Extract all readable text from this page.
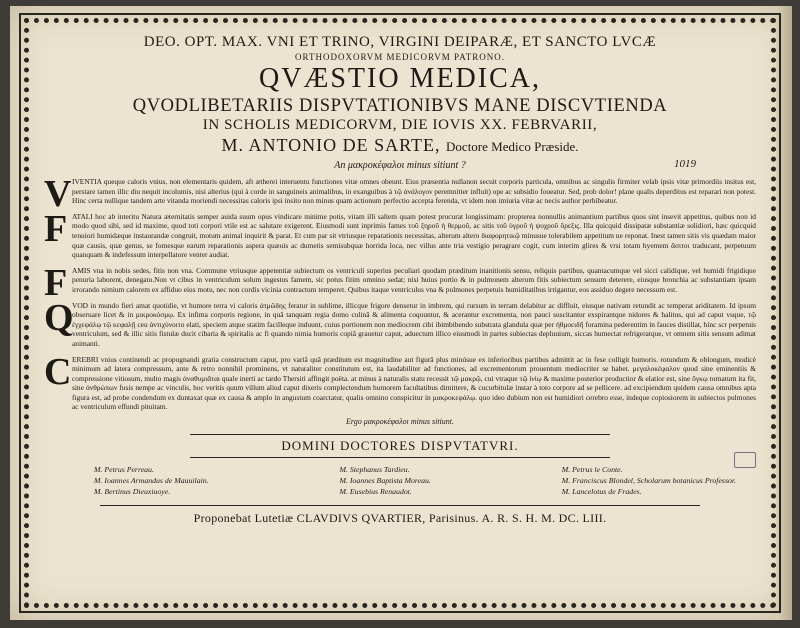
DEO. OPT. MAX. VNI ET TRINO, VIRGINI DEIPARÆ, ET SANCTO LVCÆ
ORTHODOXORVM MEDICORVM PATRONO.
QVÆSTIO MEDICA,
QVODLIBETARIIS DISPVTATIONIBVS MANE DISCVTIENDA
IN SCHOLIS MEDICORVM, DIE IOVIS XX. FEBRVARII,
M. ANTONIO DE SARTE, Doctore Medico Præside.
An μακροκέφαλοι minus sitiunt ?	1019
V IVENTIA queque caloris vnius, non elementaris quidem, aft ætherei interuentu functiones vitæ omnes obeunt. Eius præsentia nullanon secuit corporis particula, omnibus ac singulis firmiter velab ipsis vitæ primordiis insitus est, perstare tamen illic diu nequit incolumis, nisi alterius (qui à corde in sanguineis animalibus, in exanguibus à τῷ ἀνάλογον peremnitter influit) ope ac subsidio foueatur. Sed, prob dolor! plane qualis deperditus est reparari non potest. Hinc certa nullique tandem arte vitanda moriendi necessitas caloris ipsi insito non minus quam actionum perfectio accepta ferenda, vt idem non imiuria vitæ ac necis author perhibeatur.
F ATALI hoc ab interitu Natura æternitatis semper auida suum opus vindicare minime potis, vitam illi saltem quam potest procurat longissimam: propterea nonnullis animantium partibus quos sint insevit appetitus, quibus non id modo quod sibi, sed id maxime, quod toti corpori vtile est ac salutare exigerent. Eiusmodi sunt inprimis fames τοῦ ξηροῦ ἡ θερμοῦ, ac sitis τοῦ ὑγροῦ ἡ ψυχροῦ ὄρεξις. Illa quicquid dissipatæ substantiæ solidiori, hæc quicquid tenuiori humidæque instaurandæ congruit, motum animal inquirit & parat. Et cum par sit vtriusque reparationis necessitas, alterum altero διαφορητικῷ minusue tolerabilem appetitum ne reponat. Inest tamen sitis vis quædam maior quæ causis, quæ genus, se fomesque earum reparationis aspera quæuis ac dumetis semisubquæ horrida loca, nec villus ante tria vestigio peragrare cogit, cum interim glires & vrsi totam hyemem ἄσιτοι traducant, perpetuum quanquam & indefessum interpellatore venter audiat.
F AMIS vna in nobis sedes, fitis non vna. Commune vtriusque appetentiæ subiectum os ventriculi superius peculiari quodam præditum inanitionis sensu, reliquis partibus, quantacumque vel sicci calidique, vel humidi frigidique penuria laborent, denegato.Non vt cibus in ventriculum solum ingestus famem, sic potus fitim omnino sedat; nisi huius portio & in pulmonem alterum fitis subiectum sensum deterere, eiusque bronchia ac substantiam ipsam irrorando nimium calorem ex affiduo eius motu, nec non cordis vicinia contractum temperet. Quibus itaque ventriculus vna & pulmones perpetuis humiditatibus irrigantur, eos assiduo degere necessum est.
Q
VOD in mundo fieri amat quotidie, vt humore terra vi caloris ἀτμῶδης feratur in sublime, illicque frigore densetur in imbrem, qui rursum in terram delabitur ac diffluit, eiusque nativam retundit ac temperat ariditatem. Id ipsum obseruare licet & in μικροκόσμῳ. Ex infima corporis regione, in quâ tanquam regia domo culinâ & alimenta coquuntur, & acerantur excrementa, non pauci suscitantur exspirantque nidores & halitus, qui ad caput vsque, τῷ ἐγχεφάλῳ τῷ κεφαλῇ ceu ἀντιχύνοιτο elati, speciem atque statim facilleque induunt, cuius portionem non mediocrem cibi ibimbibendo substrata glandula quæ per ἠθμοειδῆ foramina pederentim in fauces distillat, hinc scr perpetuis ventriculum, sed & illic sitis fistulæ ducit cibaria & spiritalis ac fi quando nimia humoris copiâ grauetur caput, aduectum illico eiusmodi in partes subiectas depluuium, siccas humectat refrigeratque, vt omnem sitis sensum adimat animanti.
C EREBRI vnius continendi ac propugnandi gratia constructum caput, pro variâ quâ præditum est magnitudine aut figurâ plus minúsue ex inferioribus partibus admittit ac in fese colligit humoris. rotundum & oblongum, modicè minimum ad latera compressum, ante & retro nonnihil prominens, vt naturaliter constitutum est, ita laudabiliter ad functiones, ad excrementorum prouentum mediocriter se habet. μεγαλοκέφαλον quod sine eminentiis & compressione vitiosum, multo magis ἀναθυμιᾶται quale inerti ac tardo Thersiti affingit poëta. at minus à naturalis statu recessit τῷ μακρῷ, cui vtraque τῷ ἰνίῳ & maxime posterior productior & elatior est, sine ὄγκῳ tornatum ita fit, sine ἀνθρώπων fusis nempe ac vinculis, hoc veritis quum villum aliud caput dixeris complectendum humorem facultatibus dimittere, & cucurbitulæ instar à toto corpore ad se pellicere. ad excipiendum quidem causa omnibus apta figura est, ad probe condendum ex duntaxat quæ ex causa & amplo in angustum coarctatur, qualis omnino conspicitur in μακροκεφάλῳ. quo ideo dubium non est humidiori cerebro esse, indeque copiosiorem in subiectos pulmones ac ventriculum effundi pituitam.
Ergo μακροκέφαλοι minus sitiunt.
DOMINI DOCTORES DISPVTATVRI.
M. Petrus Perreau.
M. Ioannes Armandus de Mauuilain.
M. Bertinus Dieuxiuoye.
M. Stephanus Tardieu.
M. Ioannes Baptista Moreau.
M. Eusebius Renaudot.
M. Petrus le Conte.
M. Franciscus Blondel, Scholarum botanicus Professor.
M. Lancelotus de Frades.
Proponebat Lutetiæ CLAVDIVS QVARTIER, Parisinus. A. R. S. H. M. DC. LIII.
